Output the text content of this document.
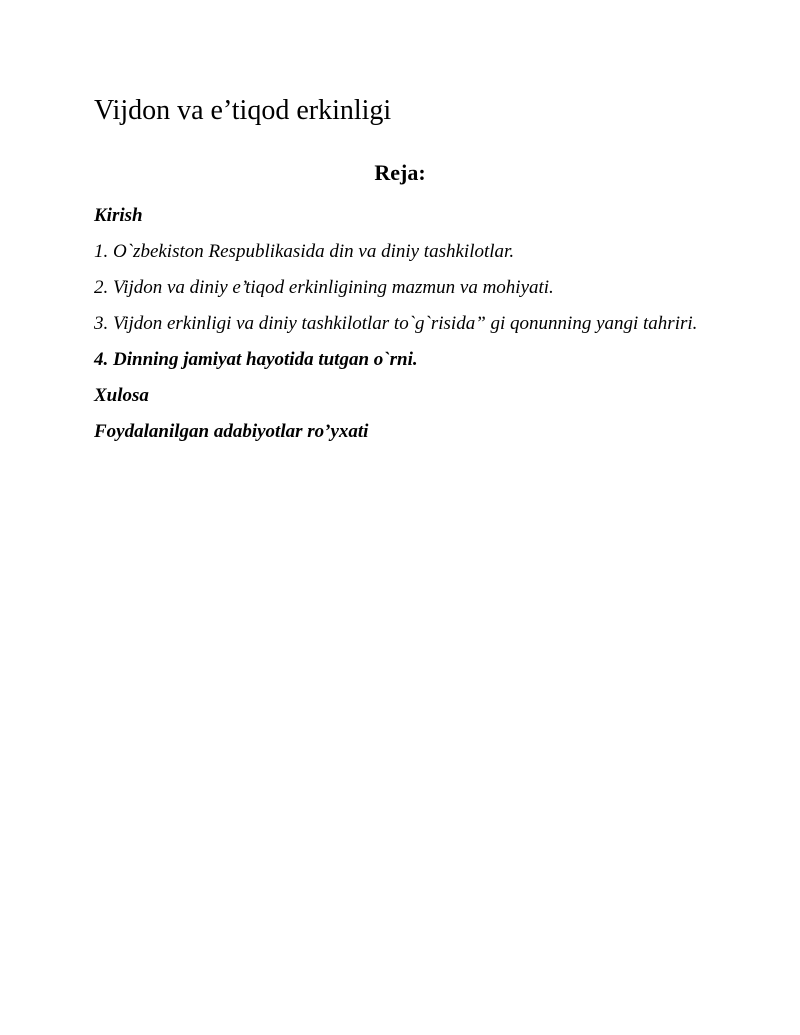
Vijdon va e’tiqod erkinligi
Reja:
Kirish
1. O`zbekiston Respublikasida din va diniy tashkilotlar.
2. Vijdon va diniy e’tiqod erkinligining mazmun va mohiyati.
3. Vijdon erkinligi va diniy tashkilotlar to`g`risida” gi qonunning yangi tahriri.
4. Dinning jamiyat hayotida tutgan o`rni.
Xulosa
Foydalanilgan adabiyotlar ro’yxati
